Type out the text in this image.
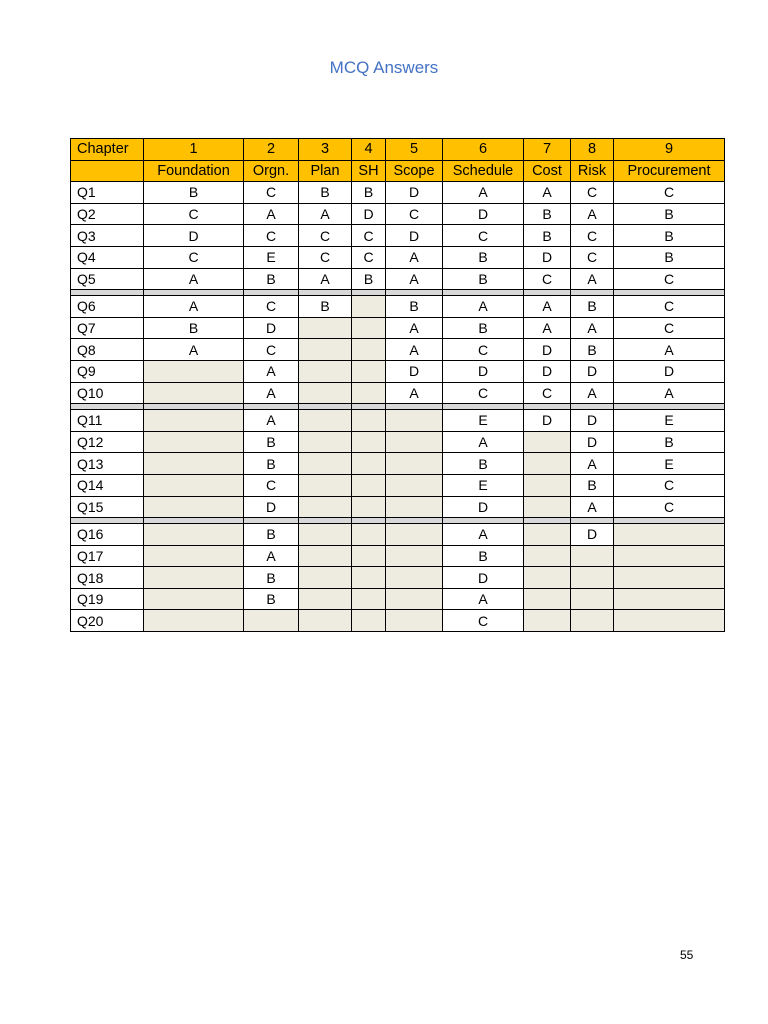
MCQ Answers
Chapter	1	2	3	4	5	6	7	8	9
	Foundation	Orgn.	Plan	SH	Scope	Schedule	Cost	Risk	Procurement
Q1	B	C	B	B	D	A	A	C	C
Q2	C	A	A	D	C	D	B	A	B
Q3	D	C	C	C	D	C	B	C	B
Q4	C	E	C	C	A	B	D	C	B
Q5	A	B	A	B	A	B	C	A	C

Q6	A	C	B		B	A	A	B	C
Q7	B	D			A	B	A	A	C
Q8	A	C			A	C	D	B	A
Q9		A			D	D	D	D	D
Q10		A			A	C	C	A	A

Q11		A				E	D	D	E
Q12		B				A		D	B
Q13		B				B		A	E
Q14		C				E		B	C
Q15		D				D		A	C

Q16		B				A		D	
Q17		A				B			
Q18		B				D			
Q19		B				A			
Q20						C			
55
